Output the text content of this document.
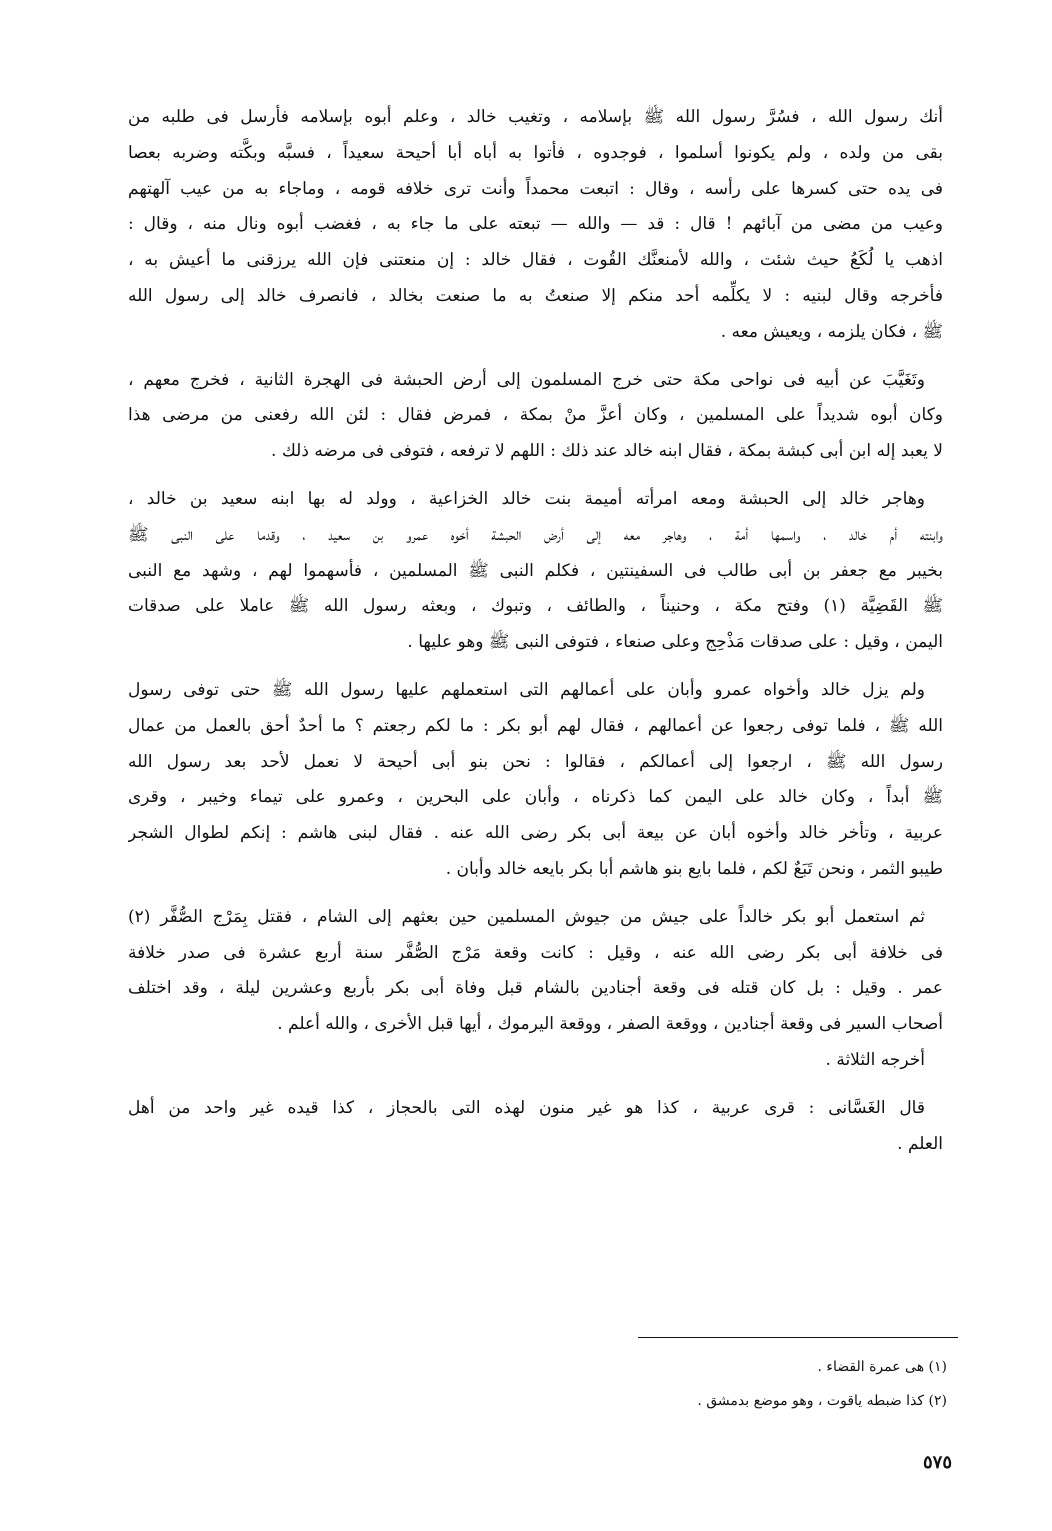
أنك رسول الله ، فسُرَّ رسول الله ﷺ بإسلامه ، وتغيب خالد ، وعلم أبوه بإسلامه فأرسل فى طلبه من
بقى من ولده ، ولم يكونوا أسلموا ، فوجدوه ، فأتوا به أباه أبا أحيحة سعيداً ، فسبَّه وبكَّته وضربه بعصا
فى يده حتى كسرها على رأسه ، وقال : اتبعت محمداً وأنت ترى خلافه قومه ، وماجاء به من عيب آلهتهم
وعيب من مضى من آبائهم ! قال : قد — والله — تبعته على ما جاء به ، فغضب أبوه ونال منه ، وقال :
اذهب يا لُكَعُ حيث شئت ، والله لأمنعنَّك القُوت ، فقال خالد : إن منعتنى فإن الله يرزقنى ما أعيش به ،
فأخرجه وقال لبنيه : لا يكلِّمه أحد منكم إلا صنعتُ به ما صنعت بخالد ، فانصرف خالد إلى رسول الله
ﷺ ، فكان يلزمه ، ويعيش معه .
وتَغَيَّبَ عن أبيه فى نواحى مكة حتى خرج المسلمون إلى أرض الحبشة فى الهجرة الثانية ، فخرج معهم ،
وكان أبوه شديداً على المسلمين ، وكان أعزَّ منْ بمكة ، فمرض فقال : لئن الله رفعنى من مرضى هذا
لا يعبد إله ابن أبى كبشة بمكة ، فقال ابنه خالد عند ذلك : اللهم لا ترفعه ، فتوفى فى مرضه ذلك .
وهاجر خالد إلى الحبشة ومعه امرأته أميمة بنت خالد الخزاعية ، وولد له بها ابنه سعيد بن خالد ،
وابنته أم خالد ، واسمها أمة ، وهاجر معه إلى أرض الحبشة أخوه عمرو بن سعيد ، وقدما على النبى ﷺ
بخيبر مع جعفر بن أبى طالب فى السفينتين ، فكلم النبى ﷺ المسلمين ، فأسهموا لهم ، وشهد مع النبى
ﷺ القَضِيَّة (١) وفتح مكة ، وحنيناً ، والطائف ، وتبوك ، وبعثه رسول الله ﷺ عاملا على صدقات
اليمن ، وقيل : على صدقات مَذْحِج وعلى صنعاء ، فتوفى النبى ﷺ وهو عليها .
ولم يزل خالد وأخواه عمرو وأبان على أعمالهم التى استعملهم عليها رسول الله ﷺ حتى توفى رسول
الله ﷺ ، فلما توفى رجعوا عن أعمالهم ، فقال لهم أبو بكر : ما لكم رجعتم ؟ ما أحدٌ أحق بالعمل من عمال
رسول الله ﷺ ، ارجعوا إلى أعمالكم ، فقالوا : نحن بنو أبى أحيحة لا نعمل لأحد بعد رسول الله
ﷺ أبداً ، وكان خالد على اليمن كما ذكرناه ، وأبان على البحرين ، وعمرو على تيماء وخيبر ، وقرى
عربية ، وتأخر خالد وأخوه أبان عن بيعة أبى بكر رضى الله عنه . فقال لبنى هاشم : إنكم لطوال الشجر
طيبو الثمر ، ونحن تَبَعٌ لكم ، فلما بايع بنو هاشم أبا بكر بايعه خالد وأبان .
ثم استعمل أبو بكر خالداً على جيش من جيوش المسلمين حين بعثهم إلى الشام ، فقتل بِمَرْج الصُّفَّر (٢)
فى خلافة أبى بكر رضى الله عنه ، وقيل : كانت وقعة مَرْج الصُّفَّر سنة أربع عشرة فى صدر خلافة
عمر . وقيل : بل كان قتله فى وقعة أجنادين بالشام قبل وفاة أبى بكر بأربع وعشرين ليلة ، وقد اختلف
أصحاب السير فى وقعة أجنادين ، ووقعة الصفر ، ووقعة اليرموك ، أيها قبل الأخرى ، والله أعلم .
أخرجه الثلاثة .
قال الغَسَّانى : قرى عربية ، كذا هو غير منون لهذه التى بالحجاز ، كذا قيده غير واحد من أهل
العلم .
(١) هى عمرة القضاء .
(٢) كذا ضبطه ياقوت ، وهو موضع بدمشق .
٥٧٥
